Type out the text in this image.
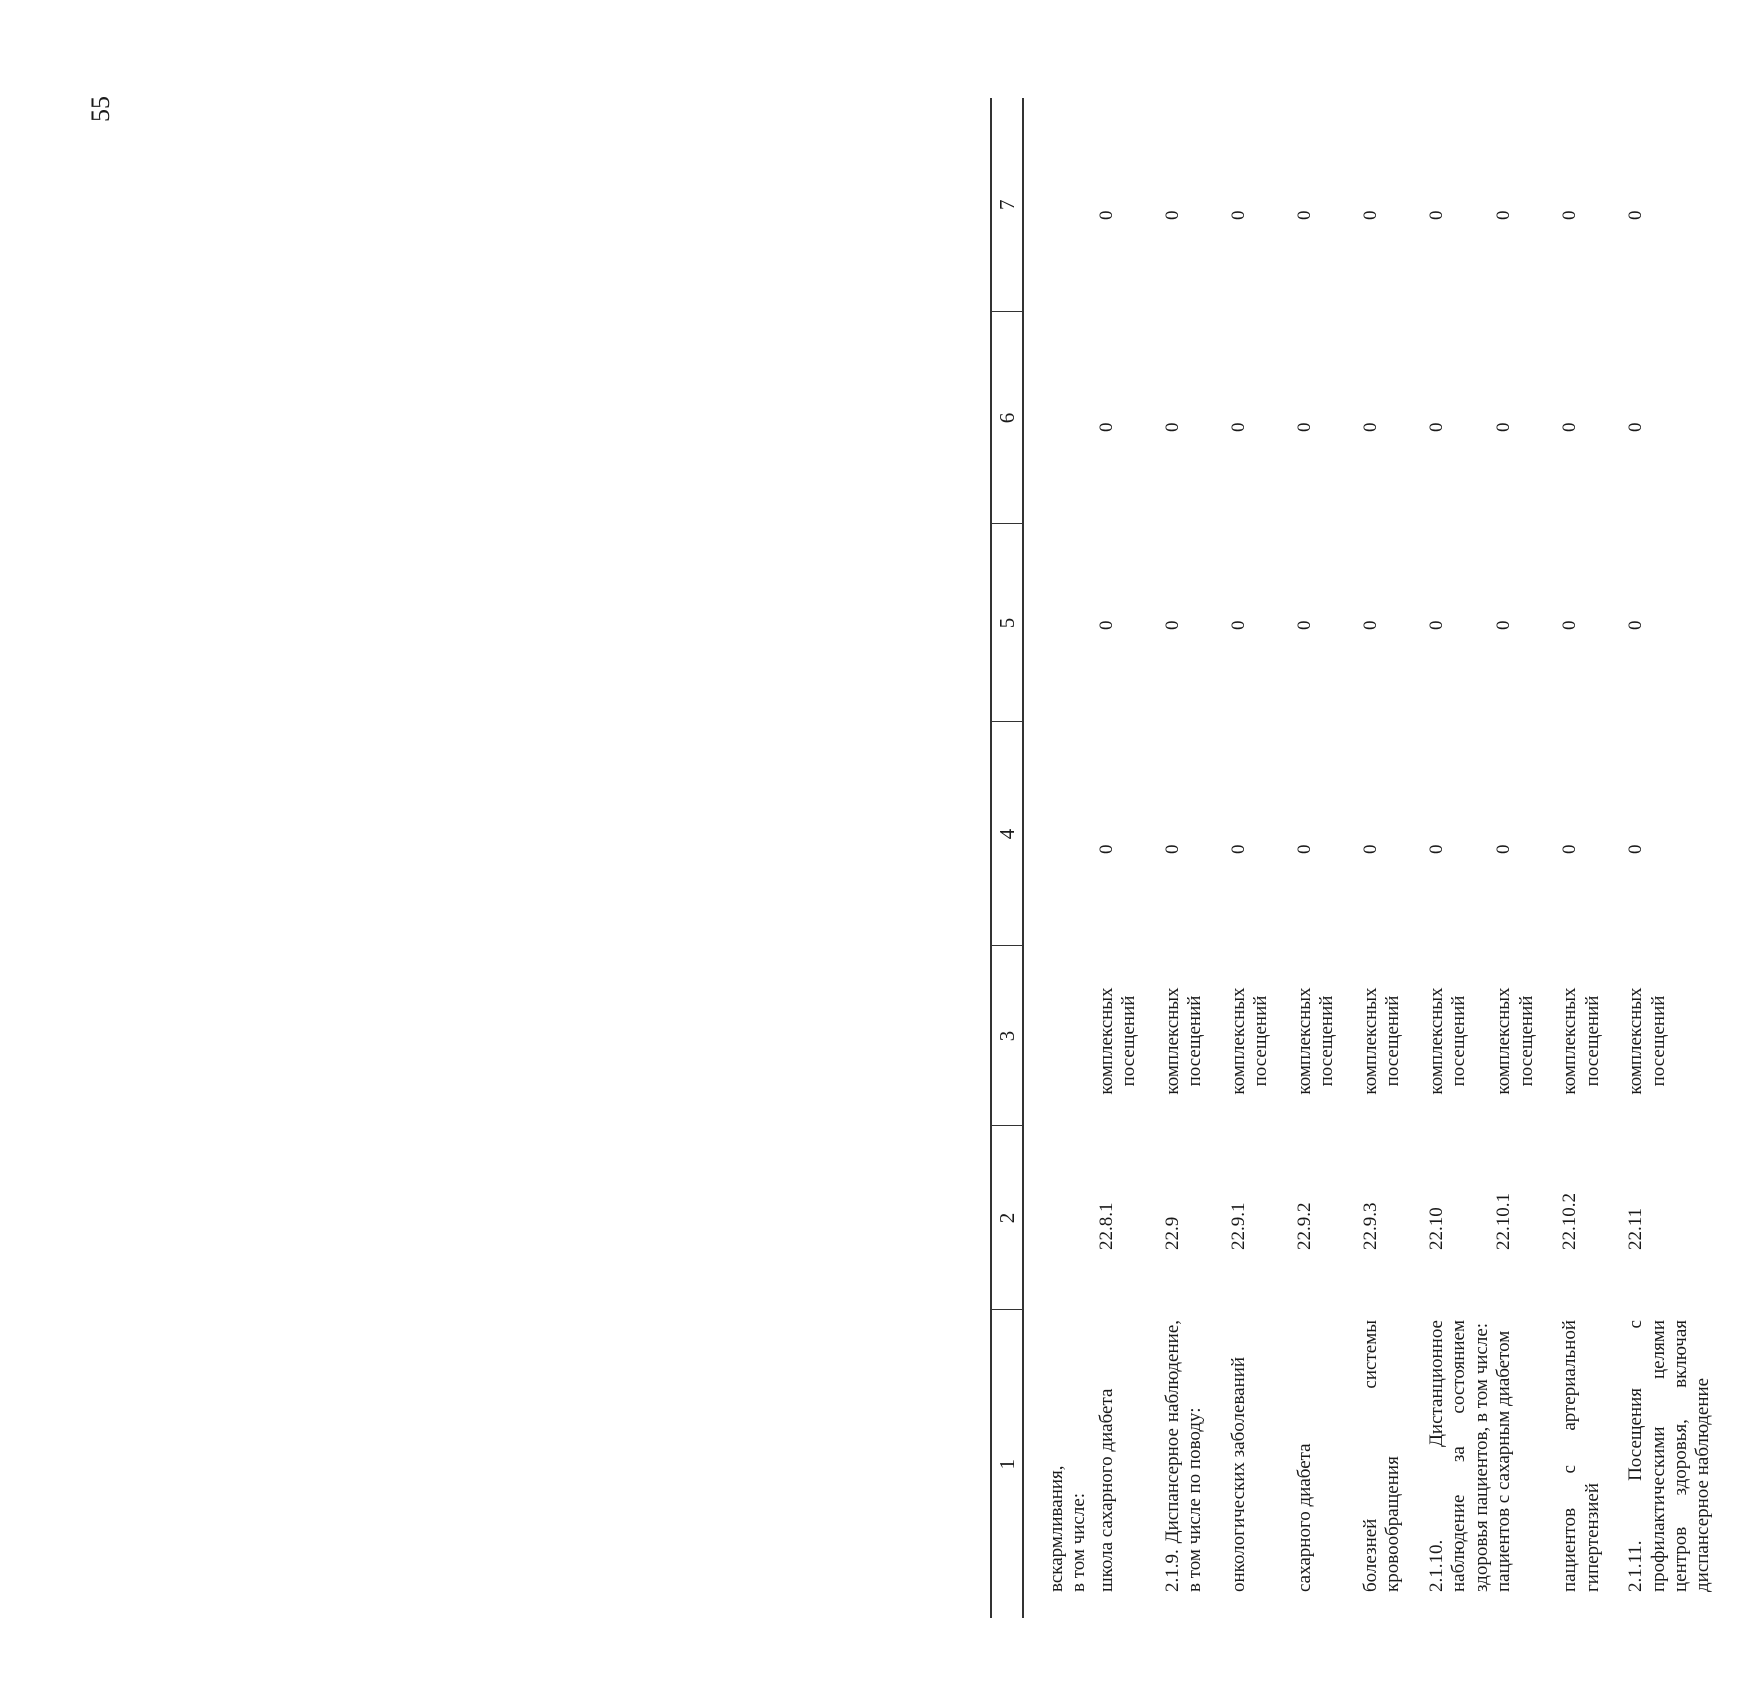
55
1	2	3	4	5	6	7
вскармливания,
в том числе:						
школа сахарного диабета	22.8.1	комплексных посещений	0	0	0	0
2.1.9. Диспансерное наблюдение, в том числе по поводу:	22.9	комплексных посещений	0	0	0	0
онкологических заболеваний	22.9.1	комплексных посещений	0	0	0	0
сахарного диабета	22.9.2	комплексных посещений	0	0	0	0
болезней системы кровообращения	22.9.3	комплексных посещений	0	0	0	0
2.1.10. Дистанционное наблюдение за состоянием здоровья пациентов, в том числе:	22.10	комплексных посещений	0	0	0	0
пациентов с сахарным диабетом	22.10.1	комплексных посещений	0	0	0	0
пациентов с артериальной гипертензией	22.10.2	комплексных посещений	0	0	0	0
2.1.11. Посещения с профилактическими целями центров здоровья, включая диспансерное наблюдение	22.11	комплексных посещений	0	0	0	0
